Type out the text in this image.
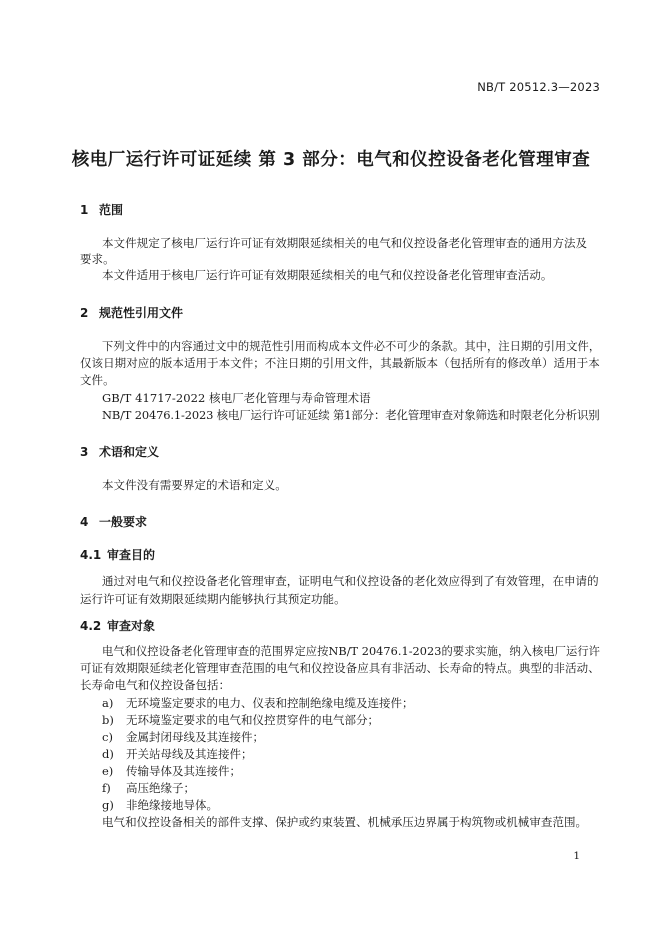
NB/T 20512.3—2023
核电厂运行许可证延续 第 3 部分：电气和仪控设备老化管理审查
1 范围
本文件规定了核电厂运行许可证有效期限延续相关的电气和仪控设备老化管理审查的通用方法及
要求。
本文件适用于核电厂运行许可证有效期限延续相关的电气和仪控设备老化管理审查活动。
2 规范性引用文件
下列文件中的内容通过文中的规范性引用而构成本文件必不可少的条款。其中，注日期的引用文件，
仅该日期对应的版本适用于本文件；不注日期的引用文件，其最新版本（包括所有的修改单）适用于本
文件。
GB/T 41717-2022 核电厂老化管理与寿命管理术语
NB/T 20476.1-2023 核电厂运行许可证延续 第1部分：老化管理审查对象筛选和时限老化分析识别
3 术语和定义
本文件没有需要界定的术语和定义。
4 一般要求
4.1 审查目的
通过对电气和仪控设备老化管理审查，证明电气和仪控设备的老化效应得到了有效管理，在申请的
运行许可证有效期限延续期内能够执行其预定功能。
4.2 审查对象
电气和仪控设备老化管理审查的范围界定应按NB/T 20476.1-2023的要求实施，纳入核电厂运行许
可证有效期限延续老化管理审查范围的电气和仪控设备应具有非活动、长寿命的特点。典型的非活动、
长寿命电气和仪控设备包括：
a) 无环境鉴定要求的电力、仪表和控制绝缘电缆及连接件；
b) 无环境鉴定要求的电气和仪控贯穿件的电气部分；
c) 金属封闭母线及其连接件；
d) 开关站母线及其连接件；
e) 传输导体及其连接件；
f) 高压绝缘子；
g) 非绝缘接地导体。
电气和仪控设备相关的部件支撑、保护或约束装置、机械承压边界属于构筑物或机械审查范围。
1
